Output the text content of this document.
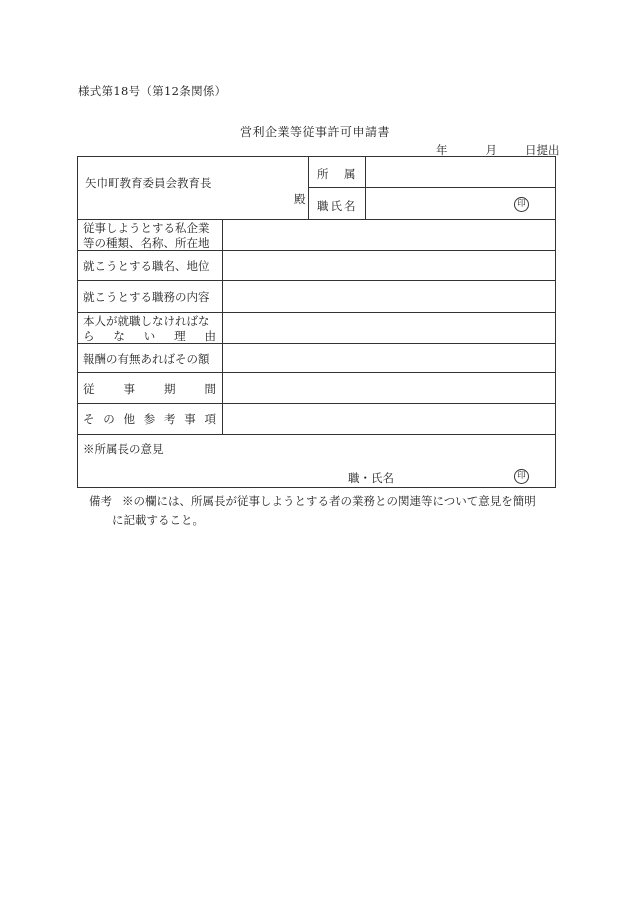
様式第18号（第12条関係）
営利企業等従事許可申請書
年	月 日提出
矢巾町教育委員会教育長
殿
所　属
職氏名	印
従事しようとする私企業
等の種類、名称、所在地
就こうとする職名、地位
就こうとする職務の内容
本人が就職しなければな
ら な い 理 由
報酬の有無あればその額
従	事	期	間
そ の 他 参 考 事 項
※所属長の意見
職・氏名	印
備考 ※の欄には、所属長が従事しようとする者の業務との関連等について意見を簡明
に記載すること。
